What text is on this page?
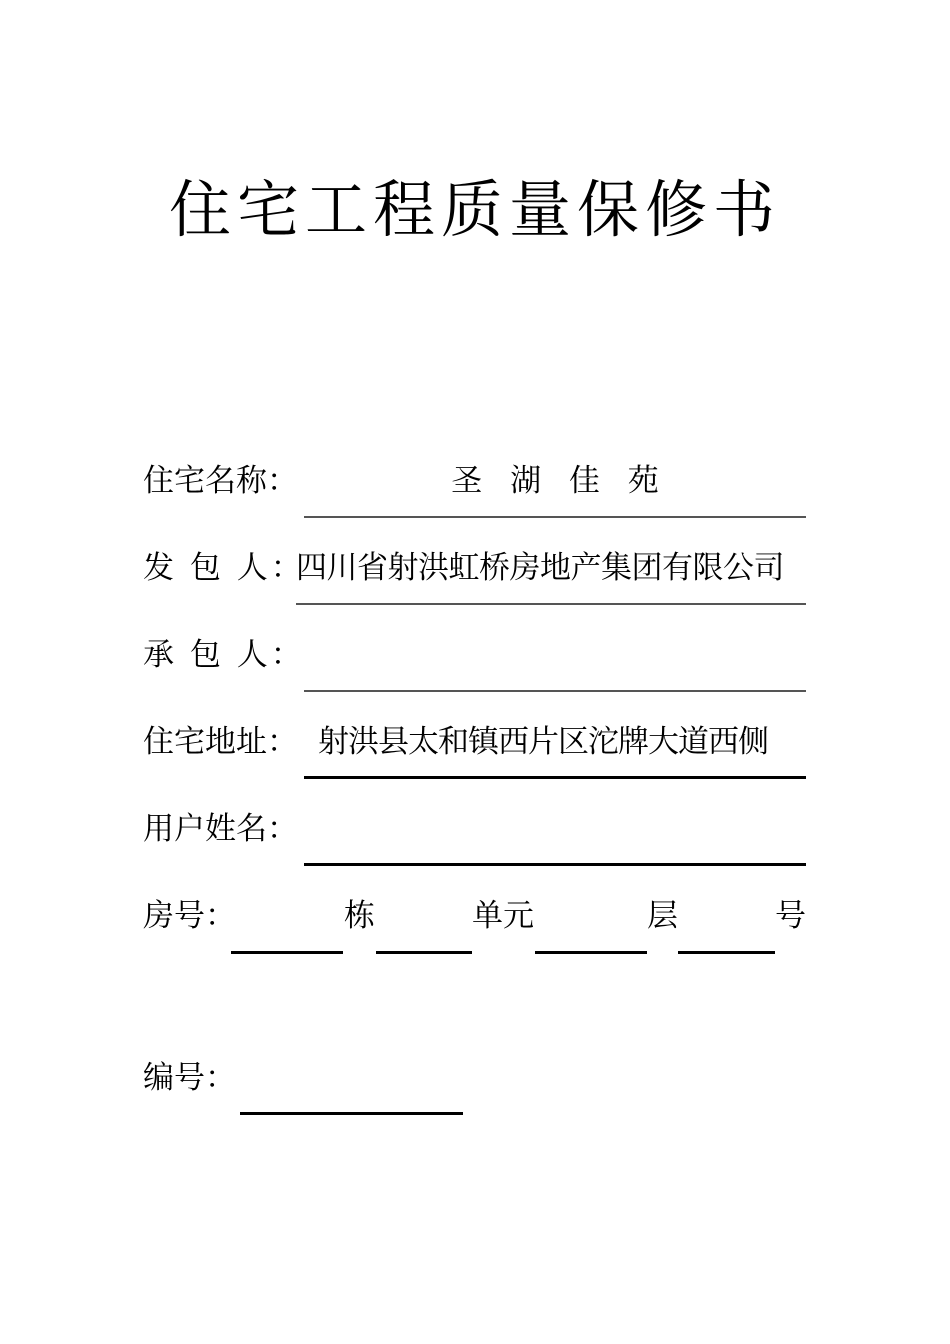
住宅工程质量保修书
住宅名称：	圣 湖 佳 苑
发 包 人：
四川省射洪虹桥房地产集团有限公司
承 包 人：
住宅地址： 射洪县太和镇西片区沱牌大道西侧
用户姓名：
房号：	栋	单元	层	号
编号：
